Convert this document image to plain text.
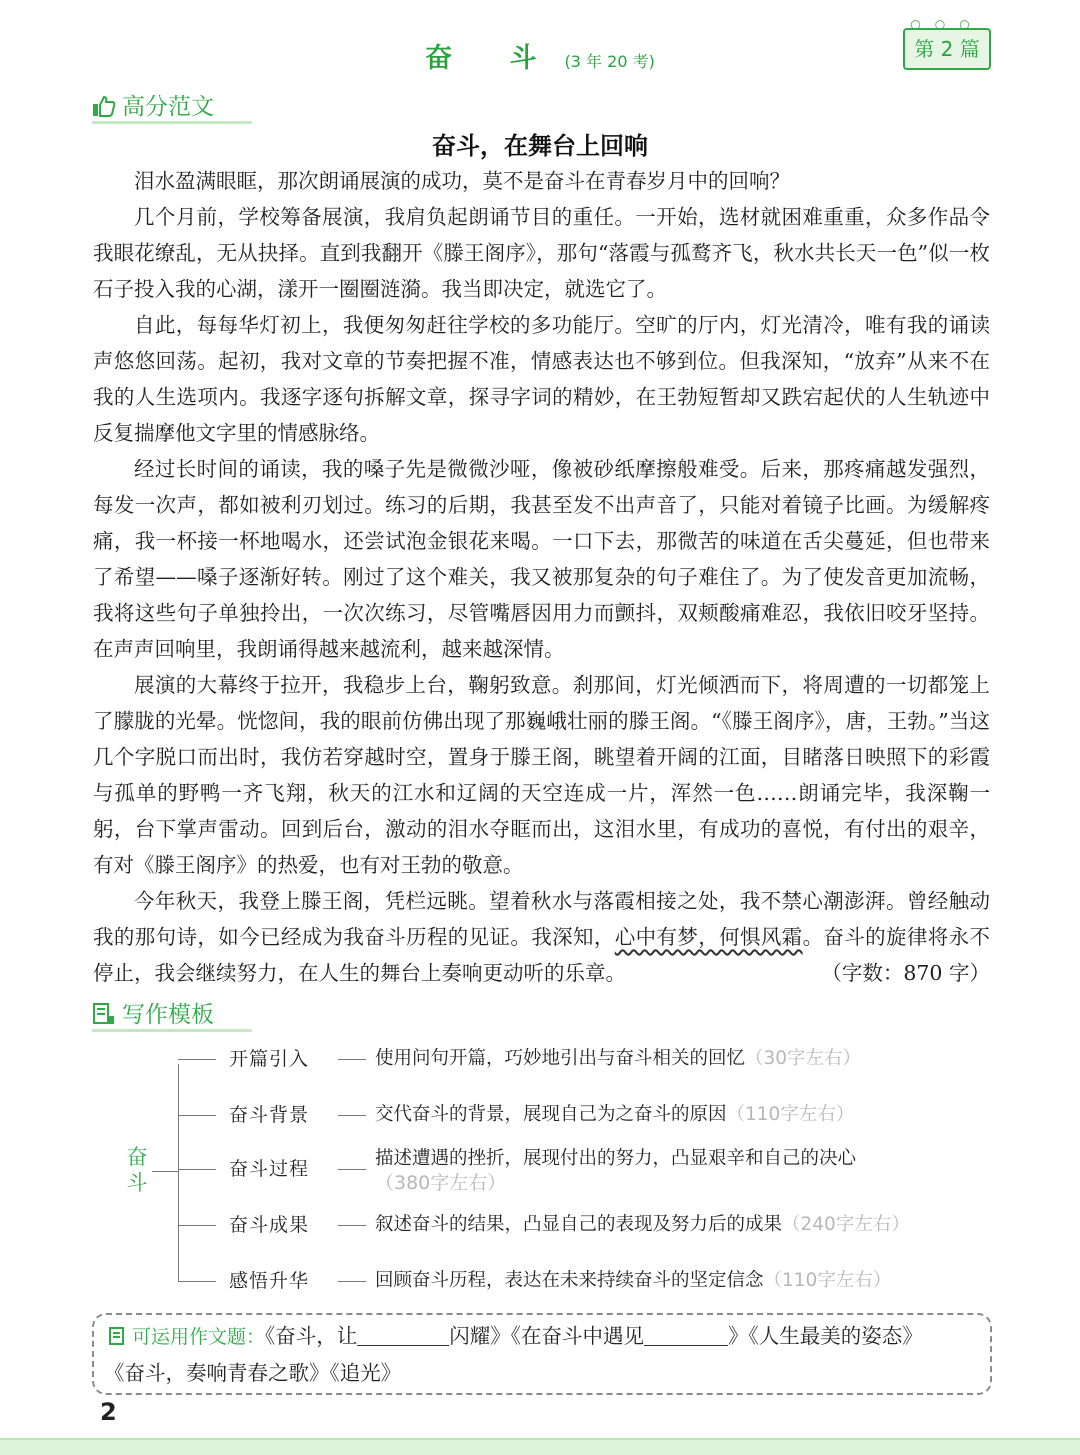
奋 斗 (3 年 20 考)
○○○
第 2 篇
高分范文
奋斗，在舞台上回响

泪水盈满眼眶，那次朗诵展演的成功，莫不是奋斗在青春岁月中的回响？

几个月前，学校筹备展演，我肩负起朗诵节目的重任。一开始，选材就困难重重，众多作品令我眼花缭乱，无从抉择。直到我翻开《滕王阁序》，那句“落霞与孤鹜齐飞，秋水共长天一色”似一枚石子投入我的心湖，漾开一圈圈涟漪。我当即决定，就选它了。

自此，每每华灯初上，我便匆匆赶往学校的多功能厅。空旷的厅内，灯光清冷，唯有我的诵读声悠悠回荡。起初，我对文章的节奏把握不准，情感表达也不够到位。但我深知，“放弃”从来不在我的人生选项内。我逐字逐句拆解文章，探寻字词的精妙，在王勃短暂却又跌宕起伏的人生轨迹中反复揣摩他文字里的情感脉络。

经过长时间的诵读，我的嗓子先是微微沙哑，像被砂纸摩擦般难受。后来，那疼痛越发强烈，每发一次声，都如被利刃划过。练习的后期，我甚至发不出声音了，只能对着镜子比画。为缓解疼痛，我一杯接一杯地喝水，还尝试泡金银花来喝。一口下去，那微苦的味道在舌尖蔓延，但也带来了希望——嗓子逐渐好转。刚过了这个难关，我又被那复杂的句子难住了。为了使发音更加流畅，我将这些句子单独拎出，一次次练习，尽管嘴唇因用力而颤抖，双颊酸痛难忍，我依旧咬牙坚持。在声声回响里，我朗诵得越来越流利，越来越深情。

展演的大幕终于拉开，我稳步上台，鞠躬致意。刹那间，灯光倾洒而下，将周遭的一切都笼上了朦胧的光晕。恍惚间，我的眼前仿佛出现了那巍峨壮丽的滕王阁。“《滕王阁序》，唐，王勃。”当这几个字脱口而出时，我仿若穿越时空，置身于滕王阁，眺望着开阔的江面，目睹落日映照下的彩霞与孤单的野鸭一齐飞翔，秋天的江水和辽阔的天空连成一片，浑然一色……朗诵完毕，我深鞠一躬，台下掌声雷动。回到后台，激动的泪水夺眶而出，这泪水里，有成功的喜悦，有付出的艰辛，有对《滕王阁序》的热爱，也有对王勃的敬意。

今年秋天，我登上滕王阁，凭栏远眺。望着秋水与落霞相接之处，我不禁心潮澎湃。曾经触动我的那句诗，如今已经成为我奋斗历程的见证。我深知，心中有梦，何惧风霜。奋斗的旋律将永不停止，我会继续努力，在人生的舞台上奏响更动听的乐章。	（字数：870 字）

写作模板
奋
斗
开篇引入	使用问句开篇，巧妙地引出与奋斗相关的回忆（30字左右）
奋斗背景	交代奋斗的背景，展现自己为之奋斗的原因（110字左右）
奋斗过程	描述遭遇的挫折，展现付出的努力，凸显艰辛和自己的决心
（380字左右）
奋斗成果	叙述奋斗的结果，凸显自己的表现及努力后的成果（240字左右）
感悟升华	回顾奋斗历程，表达在未来持续奋斗的坚定信念（110字左右）
可运用作文题：《奋斗，让	闪耀》《在奋斗中遇见	》《人生最美的姿态》
《奋斗，奏响青春之歌》《追光》
2
